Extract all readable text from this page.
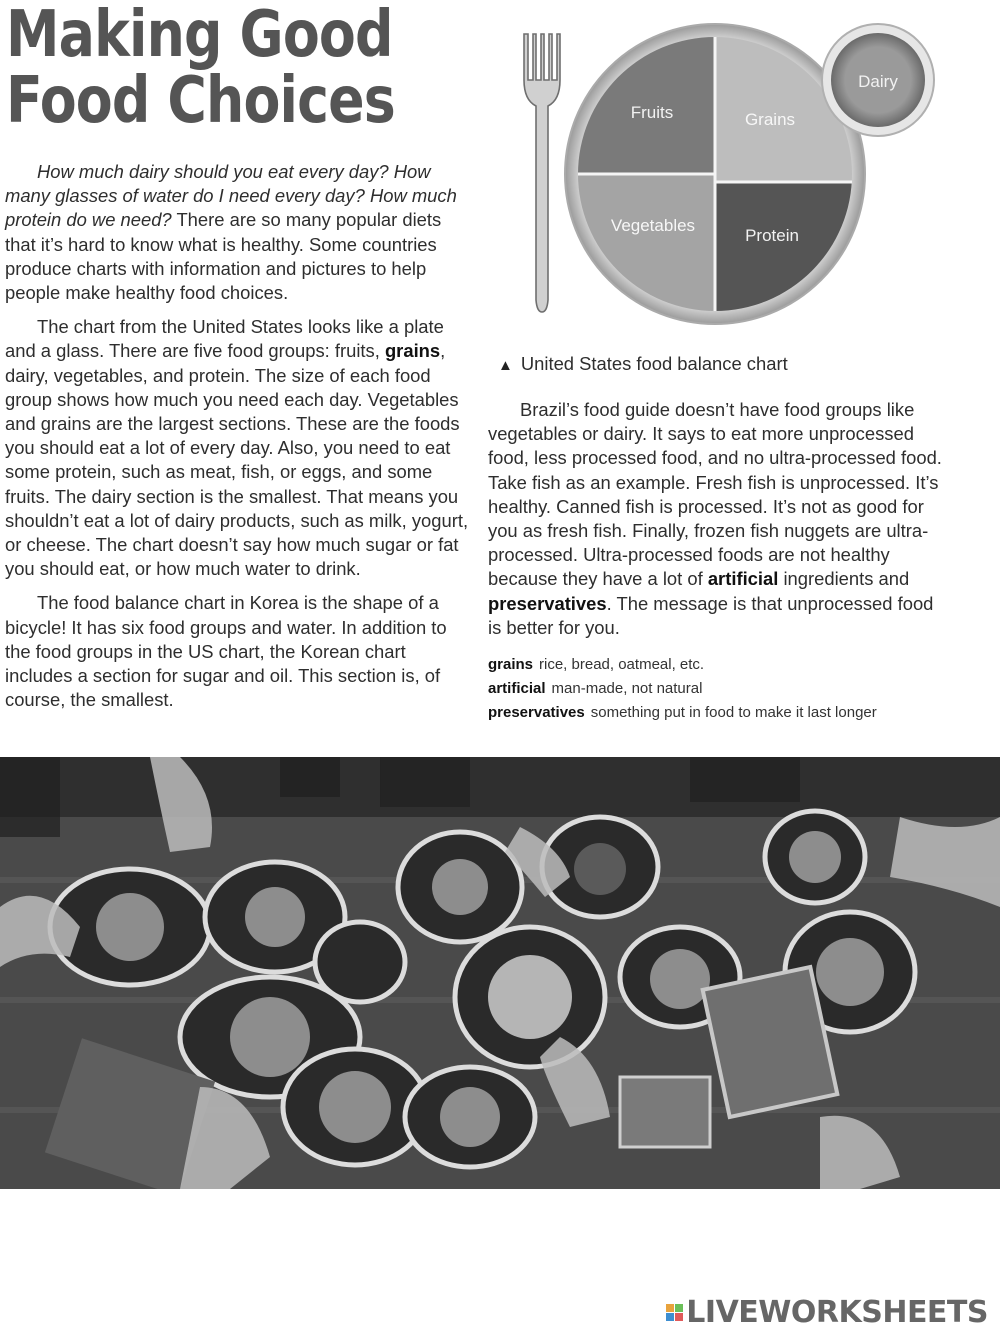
Making Good
Food Choices

How much dairy should you eat every day? How many glasses of water do I need every day? How much protein do we need? There are so many popular diets that it’s hard to know what is healthy. Some countries produce charts with information and pictures to help people make healthy food choices.

The chart from the United States looks like a plate and a glass. There are five food groups: fruits, grains, dairy, vegetables, and protein. The size of each food group shows how much you need each day. Vegetables and grains are the largest sections. These are the foods you should eat a lot of every day. Also, you need to eat some protein, such as meat, fish, or eggs, and some fruits. The dairy section is the smallest. That means you shouldn’t eat a lot of dairy products, such as milk, yogurt, or cheese. The chart doesn’t say how much sugar or fat you should eat, or how much water to drink.

The food balance chart in Korea is the shape of a bicycle! It has six food groups and water. In addition to the food groups in the US chart, the Korean chart includes a section for sugar and oil. This section is, of course, the smallest.

Fruits	Grains
Vegetables
Protein
Dairy
▲ United States food balance chart

Brazil’s food guide doesn’t have food groups like vegetables or dairy. It says to eat more unprocessed food, less processed food, and no ultra-processed food. Take fish as an example. Fresh fish is unprocessed. It’s healthy. Canned fish is processed. It’s not as good for you as fresh fish. Finally, frozen fish nuggets are ultra-processed. Ultra-processed foods are not healthy because they have a lot of artificial ingredients and preservatives. The message is that unprocessed food is better for you.

grains rice, bread, oatmeal, etc.
artificial man-made, not natural
preservatives something put in food to make it last longer
LIVEWORKSHEETS
